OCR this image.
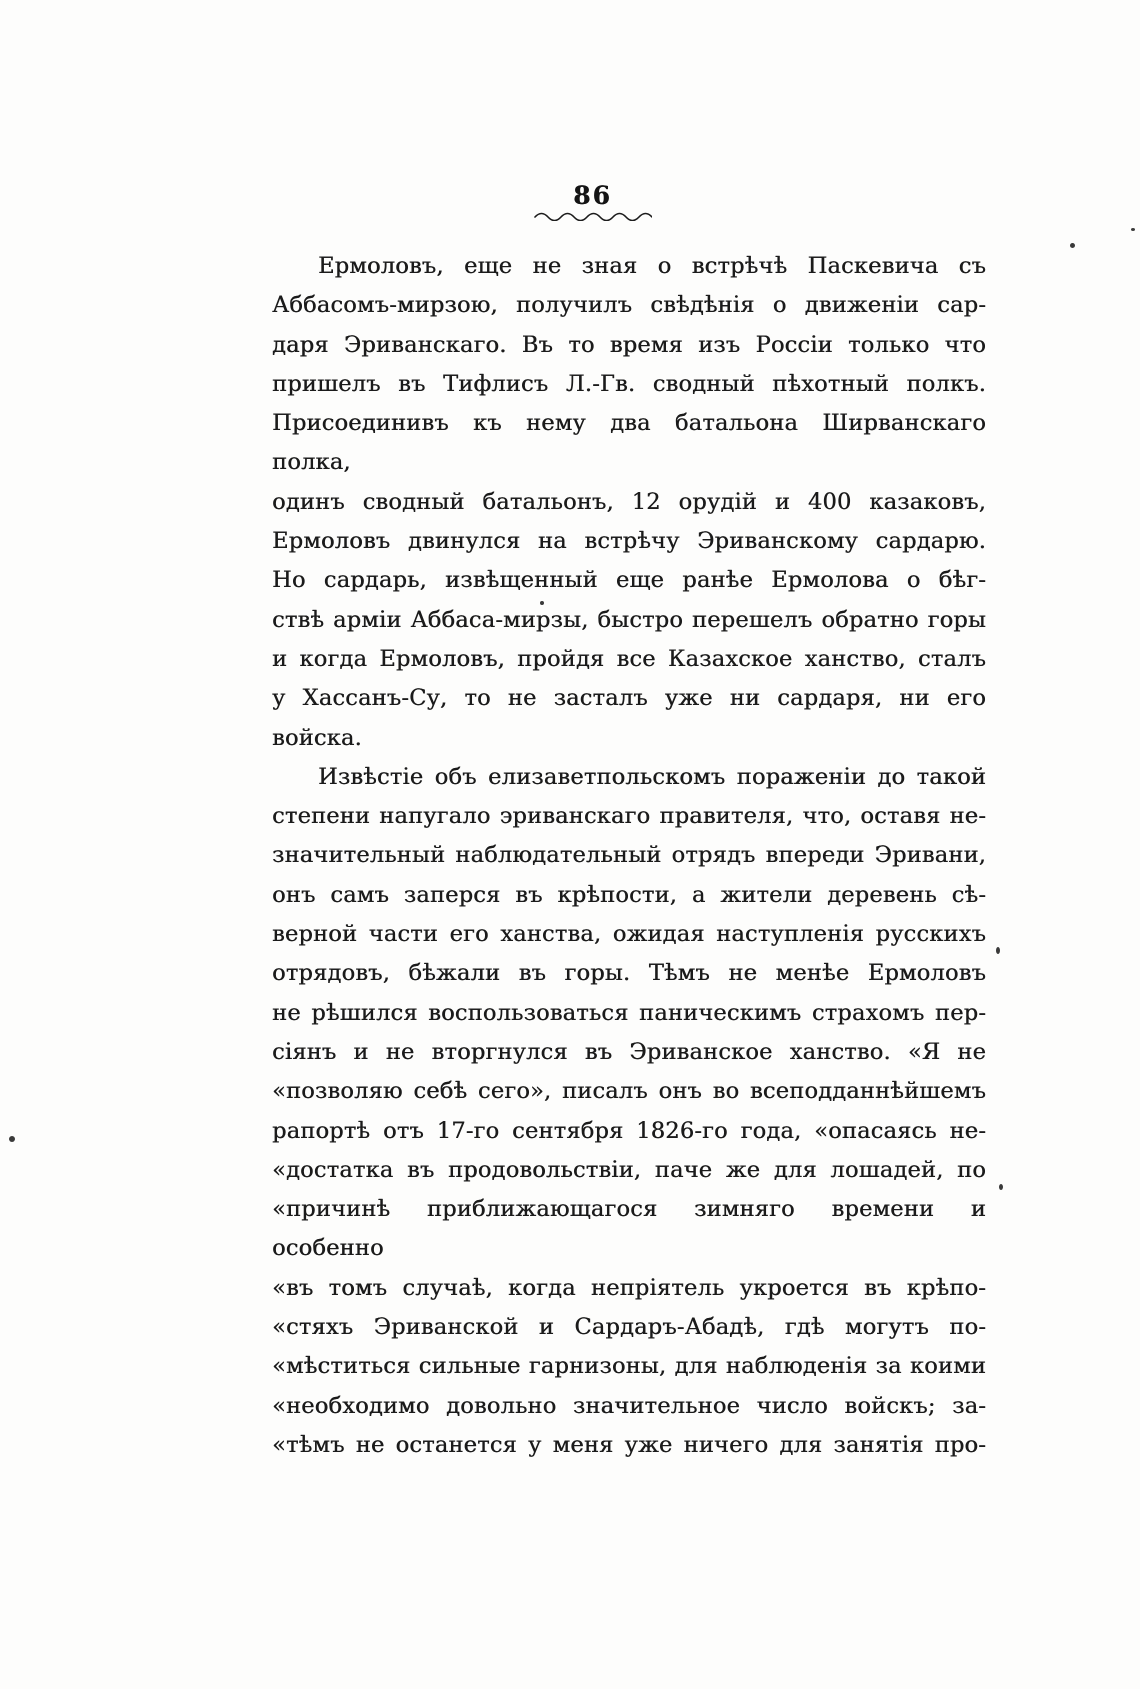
86
Ермоловъ, еще не зная о встрѣчѣ Паскевича съ
Аббасомъ-мирзою, получилъ свѣдѣнія о движеніи сар-
даря Эриванскаго. Въ то время изъ Россіи только что
пришелъ въ Тифлисъ Л.-Гв. сводный пѣхотный полкъ.
Присоединивъ къ нему два батальона Ширванскаго полка,
одинъ сводный батальонъ, 12 орудій и 400 казаковъ,
Ермоловъ двинулся на встрѣчу Эриванскому сардарю.
Но сардарь, извѣщенный еще ранѣе Ермолова о бѣг-
ствѣ арміи Аббаса-мирзы, быстро перешелъ обратно горы
и когда Ермоловъ, пройдя все Казахское ханство, сталъ
у Хассанъ-Су, то не засталъ уже ни сардаря, ни его
войска.
Извѣстіе объ елизаветпольскомъ пораженіи до такой
степени напугало эриванскаго правителя, что, оставя не-
значительный наблюдательный отрядъ впереди Эривани,
онъ самъ заперся въ крѣпости, а жители деревень сѣ-
верной части его ханства, ожидая наступленія русскихъ
отрядовъ, бѣжали въ горы. Тѣмъ не менѣе Ермоловъ
не рѣшился воспользоваться паническимъ страхомъ пер-
сіянъ и не вторгнулся въ Эриванское ханство. «Я не
«позволяю себѣ сего», писалъ онъ во всеподданнѣйшемъ
рапортѣ отъ 17-го сентября 1826-го года, «опасаясь не-
«достатка въ продовольствіи, паче же для лошадей, по
«причинѣ приближающагося зимняго времени и особенно
«въ томъ случаѣ, когда непріятель укроется въ крѣпо-
«стяхъ Эриванской и Сардаръ-Абадѣ, гдѣ могутъ по-
«мѣститься сильные гарнизоны, для наблюденія за коими
«необходимо довольно значительное число войскъ; за-
«тѣмъ не останется у меня уже ничего для занятія про-
